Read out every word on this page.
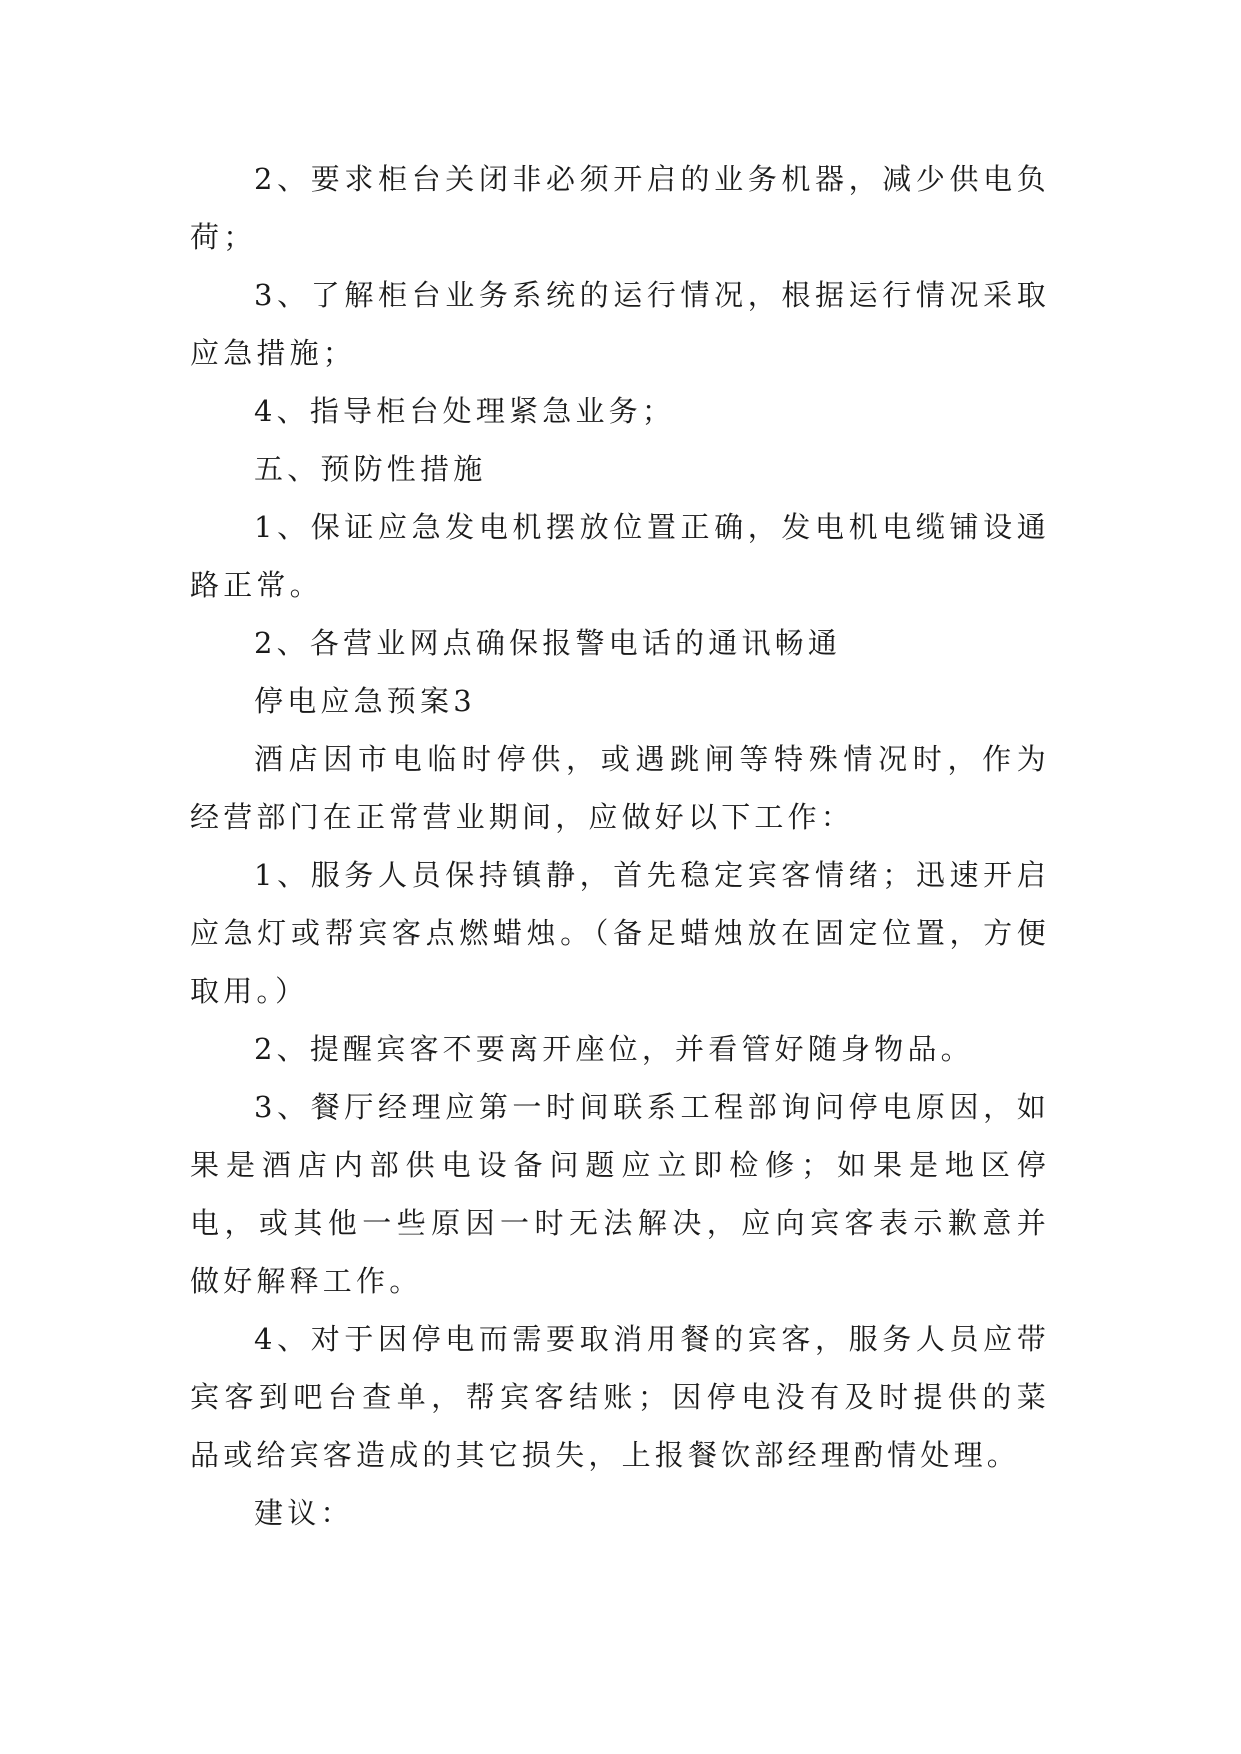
2、要求柜台关闭非必须开启的业务机器，减少供电负荷；

3、了解柜台业务系统的运行情况，根据运行情况采取应急措施；

4、指导柜台处理紧急业务；

五、预防性措施

1、保证应急发电机摆放位置正确，发电机电缆铺设通路正常。

2、各营业网点确保报警电话的通讯畅通

停电应急预案3

酒店因市电临时停供，或遇跳闸等特殊情况时，作为经营部门在正常营业期间，应做好以下工作：

1、服务人员保持镇静，首先稳定宾客情绪；迅速开启应急灯或帮宾客点燃蜡烛。（备足蜡烛放在固定位置，方便取用。）

2、提醒宾客不要离开座位，并看管好随身物品。

3、餐厅经理应第一时间联系工程部询问停电原因，如果是酒店内部供电设备问题应立即检修；如果是地区停电，或其他一些原因一时无法解决，应向宾客表示歉意并做好解释工作。

4、对于因停电而需要取消用餐的宾客，服务人员应带宾客到吧台查单，帮宾客结账；因停电没有及时提供的菜品或给宾客造成的其它损失，上报餐饮部经理酌情处理。

建议：
